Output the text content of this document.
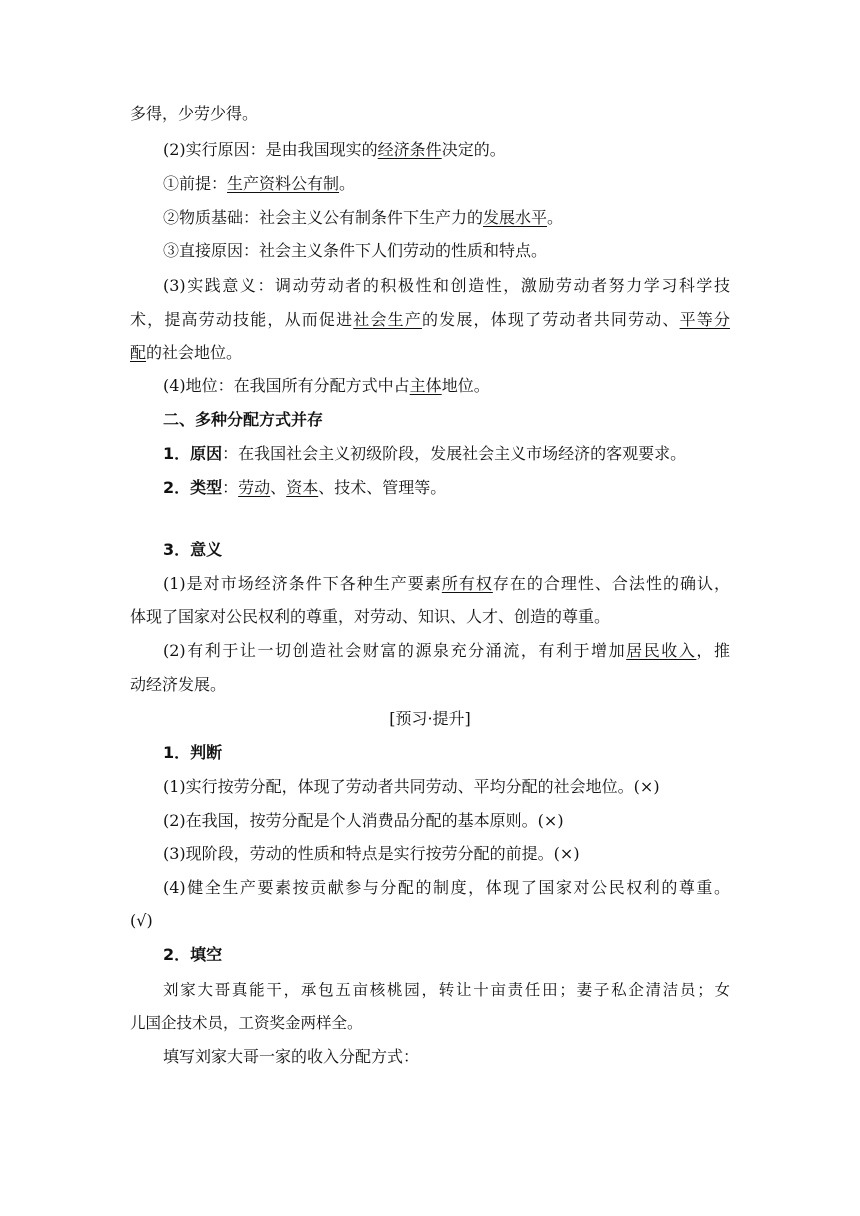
多得，少劳少得。
(2)实行原因：是由我国现实的经济条件决定的。
①前提：生产资料公有制。
②物质基础：社会主义公有制条件下生产力的发展水平。
③直接原因：社会主义条件下人们劳动的性质和特点。
(3)实践意义：调动劳动者的积极性和创造性，激励劳动者努力学习科学技
术，提高劳动技能，从而促进社会生产的发展，体现了劳动者共同劳动、平等分
配的社会地位。
(4)地位：在我国所有分配方式中占主体地位。
二、多种分配方式并存
1．原因：在我国社会主义初级阶段，发展社会主义市场经济的客观要求。
2．类型：劳动、资本、技术、管理等。
3．意义
(1)是对市场经济条件下各种生产要素所有权存在的合理性、合法性的确认，
体现了国家对公民权利的尊重，对劳动、知识、人才、创造的尊重。
(2)有利于让一切创造社会财富的源泉充分涌流，有利于增加居民收入，推
动经济发展。
[预习·提升]
1．判断
(1)实行按劳分配，体现了劳动者共同劳动、平均分配的社会地位。(×)
(2)在我国，按劳分配是个人消费品分配的基本原则。(×)
(3)现阶段，劳动的性质和特点是实行按劳分配的前提。(×)
(4)健全生产要素按贡献参与分配的制度，体现了国家对公民权利的尊重。
(√)
2．填空
刘家大哥真能干，承包五亩核桃园，转让十亩责任田；妻子私企清洁员；女
儿国企技术员，工资奖金两样全。
填写刘家大哥一家的收入分配方式：
